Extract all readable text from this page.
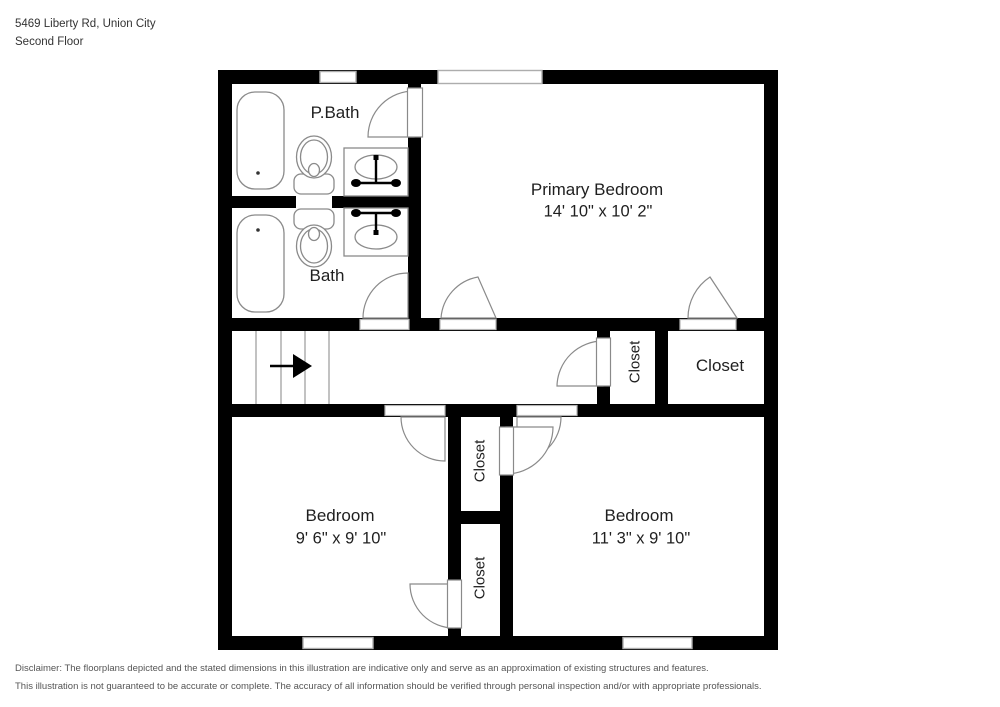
5469 Liberty Rd, Union City
Second Floor
P.Bath
Bath
Primary Bedroom
14' 10" x 10' 2"
Closet	Closet
Bedroom
9' 6" x 9' 10"
Bedroom
11' 3" x 9' 10"
Closet
Closet
Disclaimer: The floorplans depicted and the stated dimensions in this illustration are indicative only and serve as an approximation of existing structures and features.
This illustration is not guaranteed to be accurate or complete. The accuracy of all information should be verified through personal inspection and/or with appropriate professionals.
